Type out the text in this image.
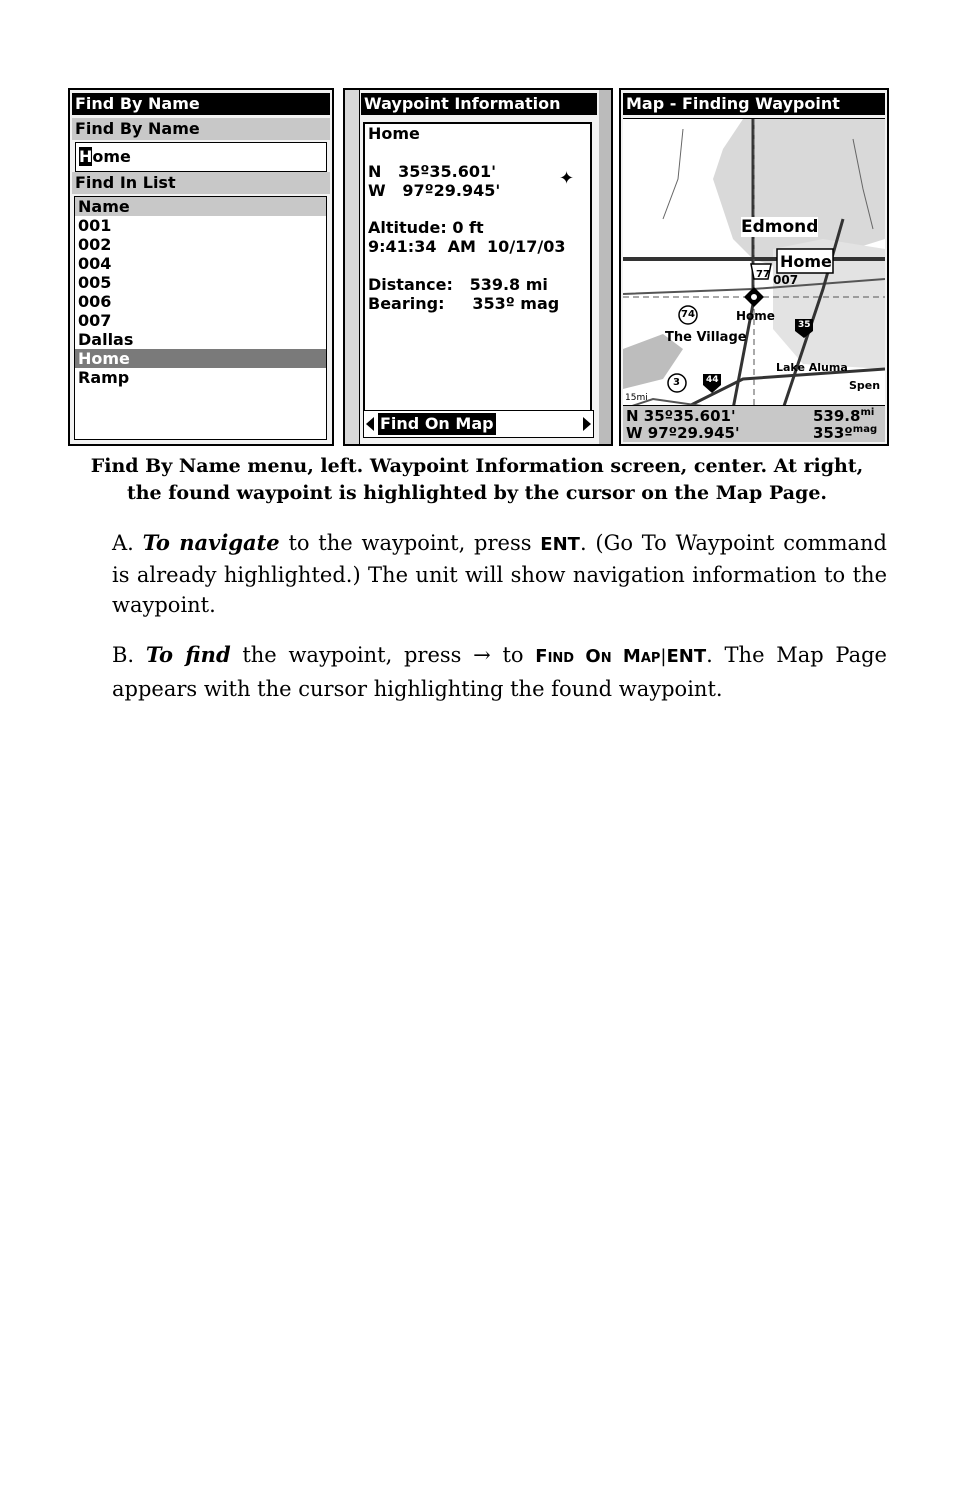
Find By Name
Find By Name
Home
Find In List
Name
001
002
004
005
006
007
Dallas
Home
Ramp
Waypoint Information
Home
N   35º35.601'
W   97º29.945'
✦
Altitude: 0 ft
9:41:34  AM  10/17/03
Distance:   539.8 mi
Bearing:     353º mag
Find On Map
Map - Finding Waypoint
Edmond
Home
007
Home
The Village
Lake Aluma
Spen
15mi
77
74
35
3	44
N 35º35.601'
W 97º29.945'
$539.8^{mi}$
353º$^{mag}$
Find By Name menu, left. Waypoint Information screen, center. At right,
the found waypoint is highlighted by the cursor on the Map Page.
A. To navigate to the waypoint, press ENT. (Go To Waypoint command is already highlighted.) The unit will show navigation information to the waypoint.
B. To find the waypoint, press → to FIND ON MAP|ENT. The Map Page appears with the cursor highlighting the found waypoint.
